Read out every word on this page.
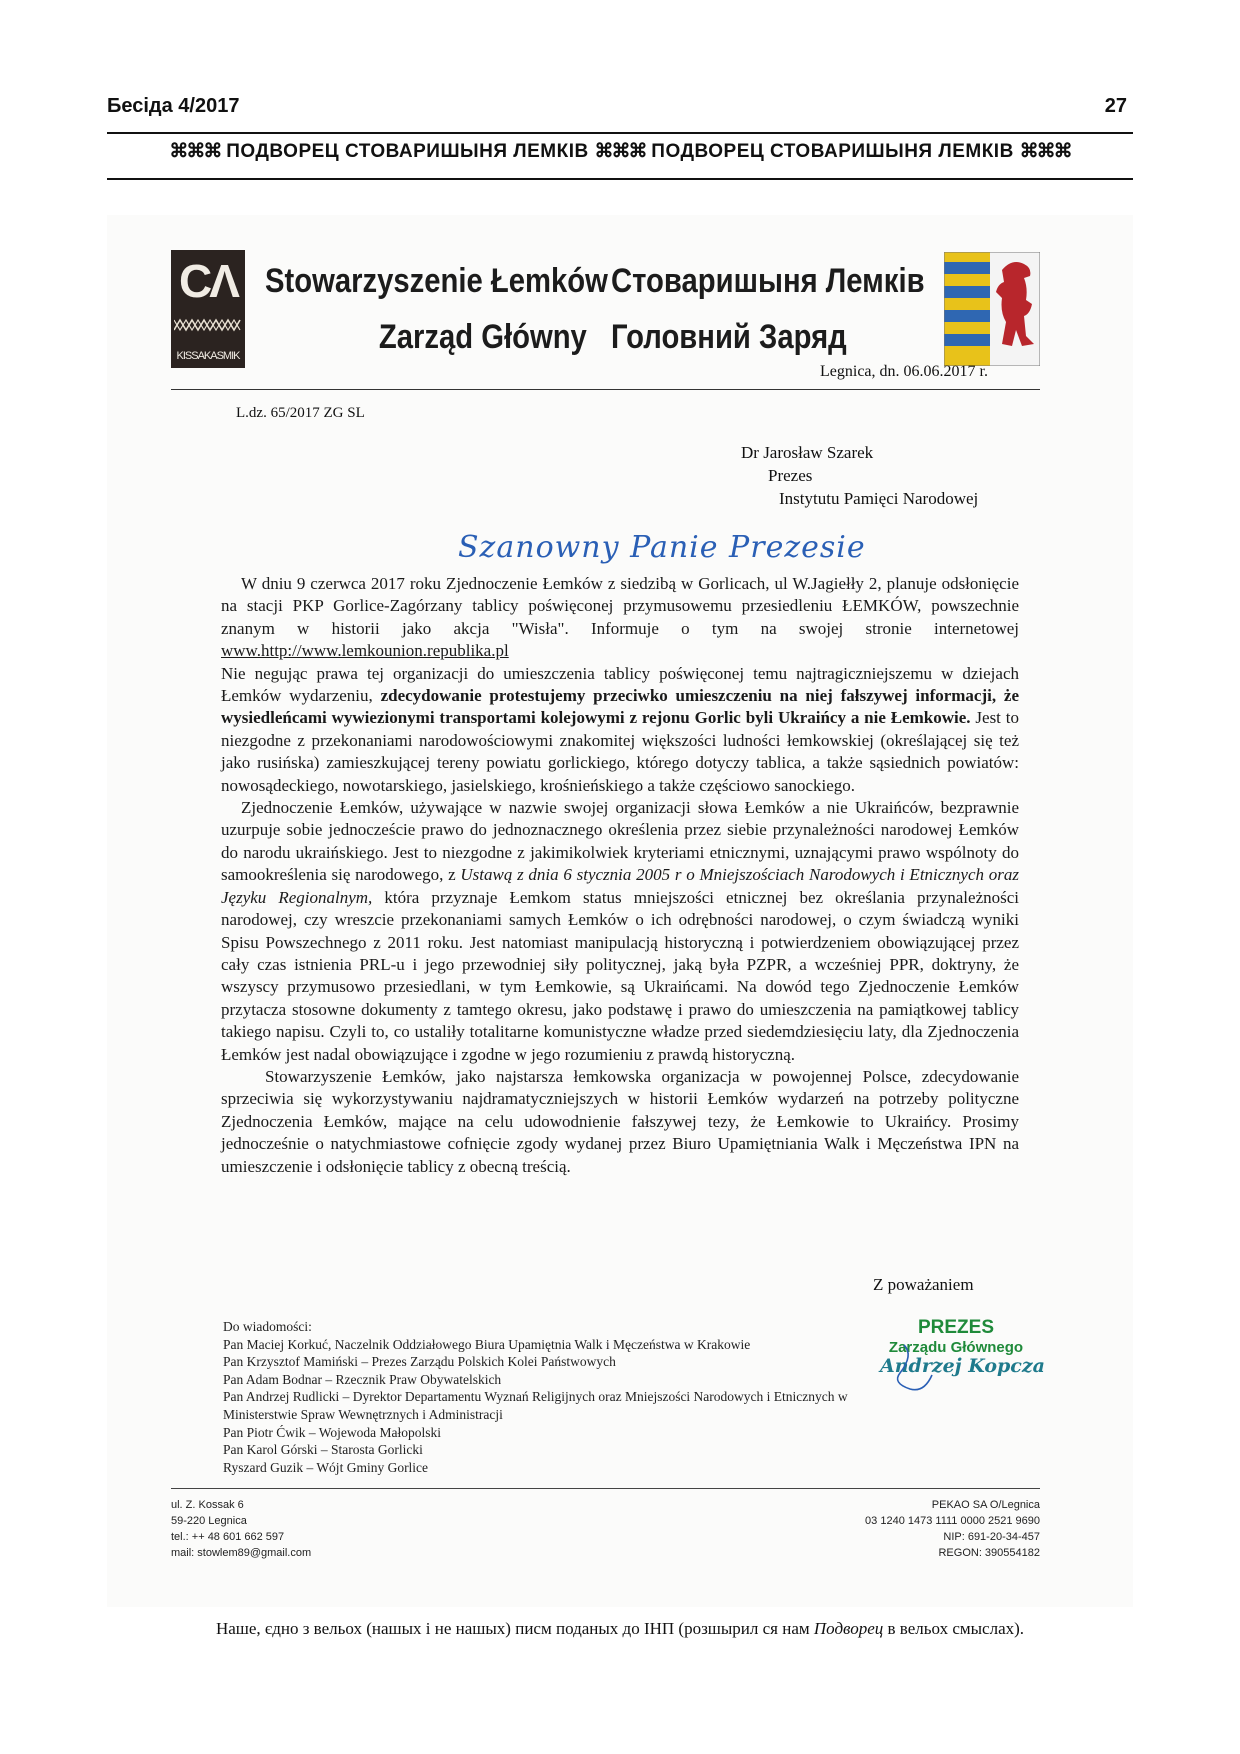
Бесіда 4/2017	27
⌘⌘⌘ ПОДВОРЕЦ СТОВАРИШЫНЯ ЛЕМКІВ ⌘⌘⌘ ПОДВОРЕЦ СТОВАРИШЫНЯ ЛЕМКІВ ⌘⌘⌘
CΛ
KISSAKASMIK
Stowarzyszenie Łemków
Zarząd Główny
Стоваришыня Лемків
Головний Заряд
Legnica, dn. 06.06.2017 r.
L.dz. 65/2017 ZG SL
Dr Jarosław Szarek
Prezes
Instytutu Pamięci Narodowej
Szanowny Panie Prezesie

W dniu 9 czerwca 2017 roku Zjednoczenie Łemków z siedzibą w Gorlicach, ul W.Jagiełły 2, planuje odsłonięcie na stacji PKP Gorlice-Zagórzany tablicy poświęconej przymusowemu przesiedleniu ŁEMKÓW, powszechnie znanym w historii jako akcja "Wisła". Informuje o tym na swojej stronie internetowej www.http://www.lemkounion.republika.pl

Nie negując prawa tej organizacji do umieszczenia tablicy poświęconej temu najtragiczniejszemu w dziejach Łemków wydarzeniu, zdecydowanie protestujemy przeciwko umieszczeniu na niej fałszywej informacji, że wysiedleńcami wywiezionymi transportami kolejowymi z rejonu Gorlic byli Ukraińcy a nie Łemkowie. Jest to niezgodne z przekonaniami narodowościowymi znakomitej większości ludności łemkowskiej (określającej się też jako rusińska) zamieszkującej tereny powiatu gorlickiego, którego dotyczy tablica, a także sąsiednich powiatów: nowosądeckiego, nowotarskiego, jasielskiego, krośnieńskiego a także częściowo sanockiego.

Zjednoczenie Łemków, używające w nazwie swojej organizacji słowa Łemków a nie Ukraińców, bezprawnie uzurpuje sobie jednoczeście prawo do jednoznacznego określenia przez siebie przynależności narodowej Łemków do narodu ukraińskiego. Jest to niezgodne z jakimikolwiek kryteriami etnicznymi, uznającymi prawo wspólnoty do samookreślenia się narodowego, z Ustawą z dnia 6 stycznia 2005 r o Mniejszościach Narodowych i Etnicznych oraz Języku Regionalnym, która przyznaje Łemkom status mniejszości etnicznej bez określania przynależności narodowej, czy wreszcie przekonaniami samych Łemków o ich odrębności narodowej, o czym świadczą wyniki Spisu Powszechnego z 2011 roku. Jest natomiast manipulacją historyczną i potwierdzeniem obowiązującej przez cały czas istnienia PRL-u i jego przewodniej siły politycznej, jaką była PZPR, a wcześniej PPR, doktryny, że wszyscy przymusowo przesiedlani, w tym Łemkowie, są Ukraińcami. Na dowód tego Zjednoczenie Łemków przytacza stosowne dokumenty z tamtego okresu, jako podstawę i prawo do umieszczenia na pamiątkowej tablicy takiego napisu. Czyli to, co ustaliły totalitarne komunistyczne władze przed siedemdziesięciu laty, dla Zjednoczenia Łemków jest nadal obowiązujące i zgodne w jego rozumieniu z prawdą historyczną.

Stowarzyszenie Łemków, jako najstarsza łemkowska organizacja w powojennej Polsce, zdecydowanie sprzeciwia się wykorzystywaniu najdramatyczniejszych w historii Łemków wydarzeń na potrzeby polityczne Zjednoczenia Łemków, mające na celu udowodnienie fałszywej tezy, że Łemkowie to Ukraińcy. Prosimy jednocześnie o natychmiastowe cofnięcie zgody wydanej przez Biuro Upamiętniania Walk i Męczeństwa IPN na umieszczenie i odsłonięcie tablicy z obecną treścią.

Z poważaniem
PREZES
Zarządu Głównego
Andrzej Kopcza
Do wiadomości:
Pan Maciej Korkuć, Naczelnik Oddziałowego Biura Upamiętnia Walk i Męczeństwa w Krakowie
Pan Krzysztof Mamiński – Prezes Zarządu Polskich Kolei Państwowych
Pan Adam Bodnar – Rzecznik Praw Obywatelskich
Pan Andrzej Rudlicki – Dyrektor Departamentu Wyznań Religijnych oraz Mniejszości Narodowych i Etnicznych w
Ministerstwie Spraw Wewnętrznych i Administracji
Pan Piotr Ćwik – Wojewoda Małopolski
Pan Karol Górski – Starosta Gorlicki
Ryszard Guzik – Wójt Gminy Gorlice
ul. Z. Kossak 6
59-220 Legnica
tel.: ++ 48 601 662 597
mail: stowlem89@gmail.com
PEKAO SA O/Legnica
03 1240 1473 1111 0000 2521 9690
NIP: 691-20-34-457
REGON: 390554182
Наше, єдно з вельох (нашых і не нашых) писм поданых до ІНП (розшырил ся нам Подворец в вельох смыслах).
